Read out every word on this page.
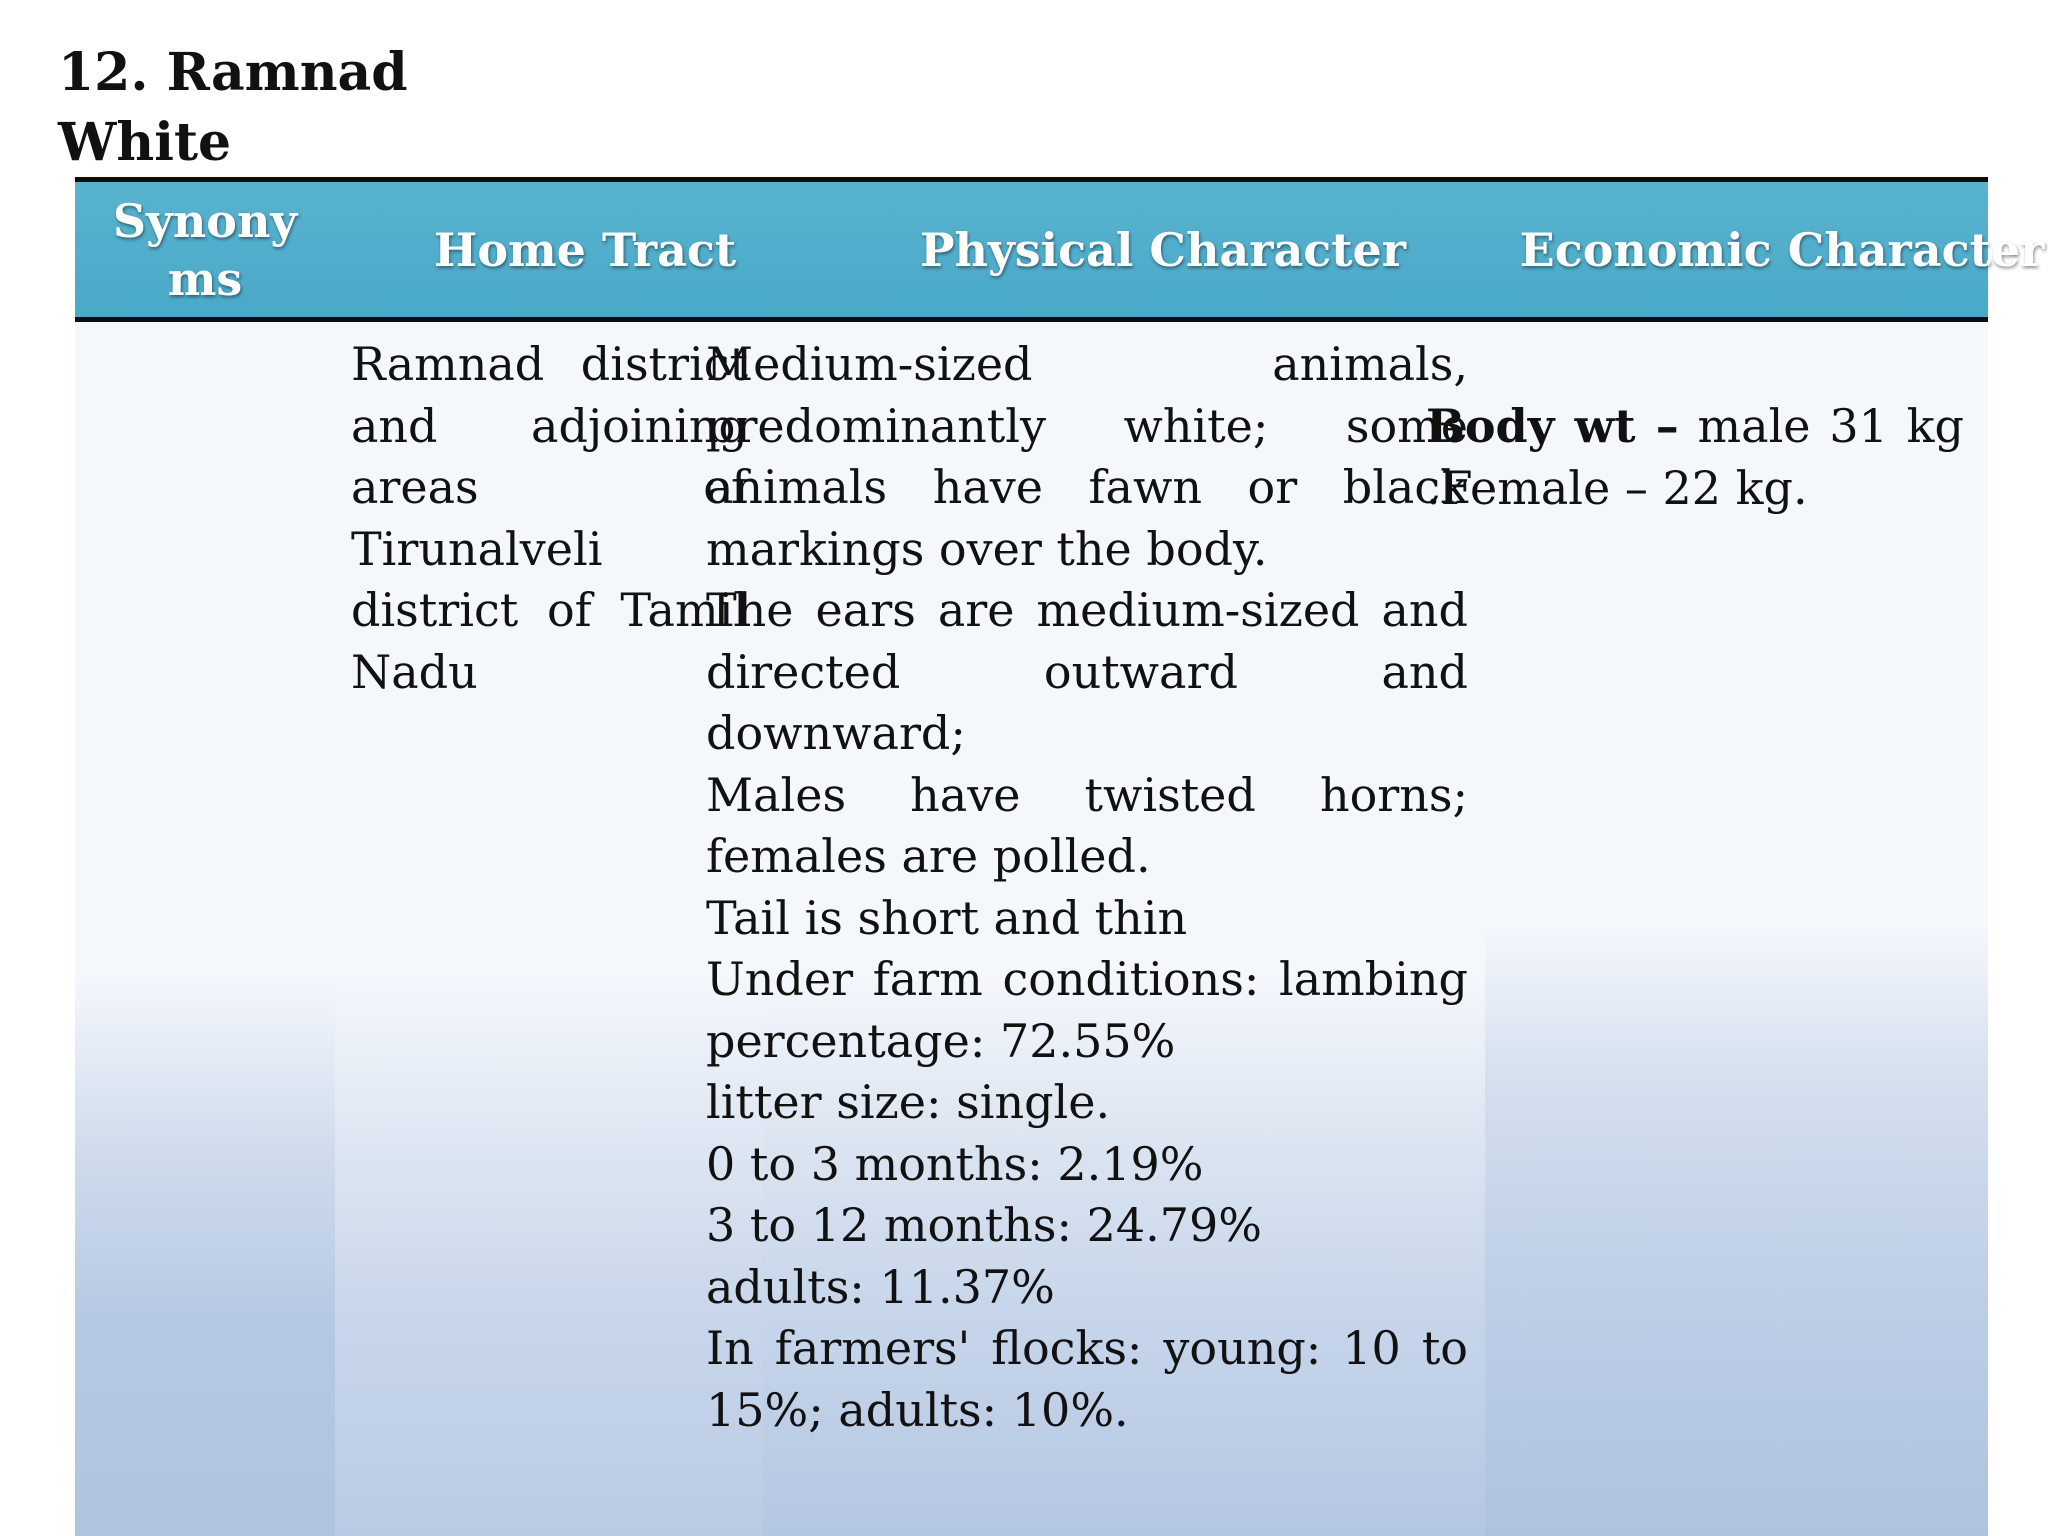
12. Ramnad
White
Synony
ms
Home Tract	Physical Character	Economic Character
Ramnad district and adjoining areas of Tirunalveli district of Tamil Nadu

Medium-sized animals, predominantly white; some animals have fawn or black markings over the body.

The ears are medium-sized and directed outward and downward;

Males have twisted horns; females are polled.

Tail is short and thin

Under farm conditions: lambing percentage: 72.55%

litter size: single.

0 to 3 months: 2.19%

3 to 12 months: 24.79%

adults: 11.37%

In farmers' flocks: young: 10 to 15%; adults: 10%.

Body wt – male 31 kg .Female – 22 kg.
